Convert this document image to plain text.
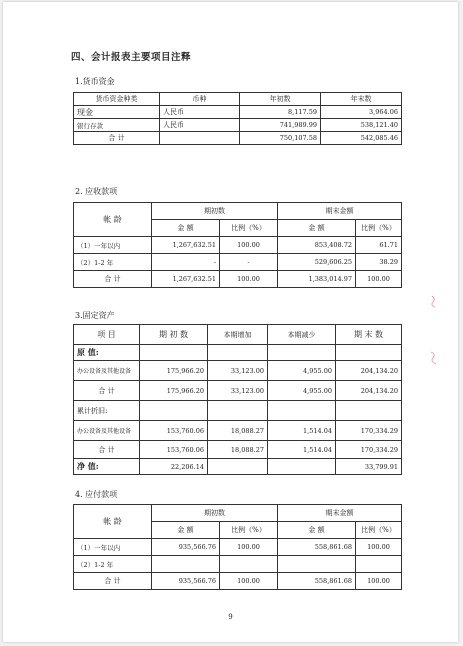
四、会计报表主要项目注释
1.货币资金
货币资金种类	币种	年初数	年末数
现金	人民币	8,117.59	3,964.06
银行存款	人民币	741,989.99	538,121.40
合 计		750,107.58	542,085.46
2. 应收款项
帐 龄	期初数		期末金额	
	金 额	比例（%）	金 额	比例（%）
（1）一年以内	1,267,632.51	100.00	853,408.72	61.71
（2）1-2 年	-	-	529,606.25	38.29
合 计	1,267,632.51	100.00	1,383,014.97	100.00
3.固定资产
项 目	期 初 数	本期增加	本期减少	期 末 数
原 值:				
办公设备及其他设备	175,966.20	33,123.00	4,955.00	204,134.20
合 计	175,966.20	33,123.00	4,955.00	204,134.20
累计折旧:				
办公设备及其他设备	153,760.06	18,088.27	1,514.04	170,334.29
合 计	153,760.06	18,088.27	1,514.04	170,334.29
净 值:	22,206.14			33,799.91
4. 应付款项
帐 龄	期初数		期末金额	
	金 额	比例（%）	金 额	比例（%）
（1）一年以内	935,566.76	100.00	558,861.68	100.00
（2）1-2 年				
合 计	935,566.76	100.00	558,861.68	100.00
9
